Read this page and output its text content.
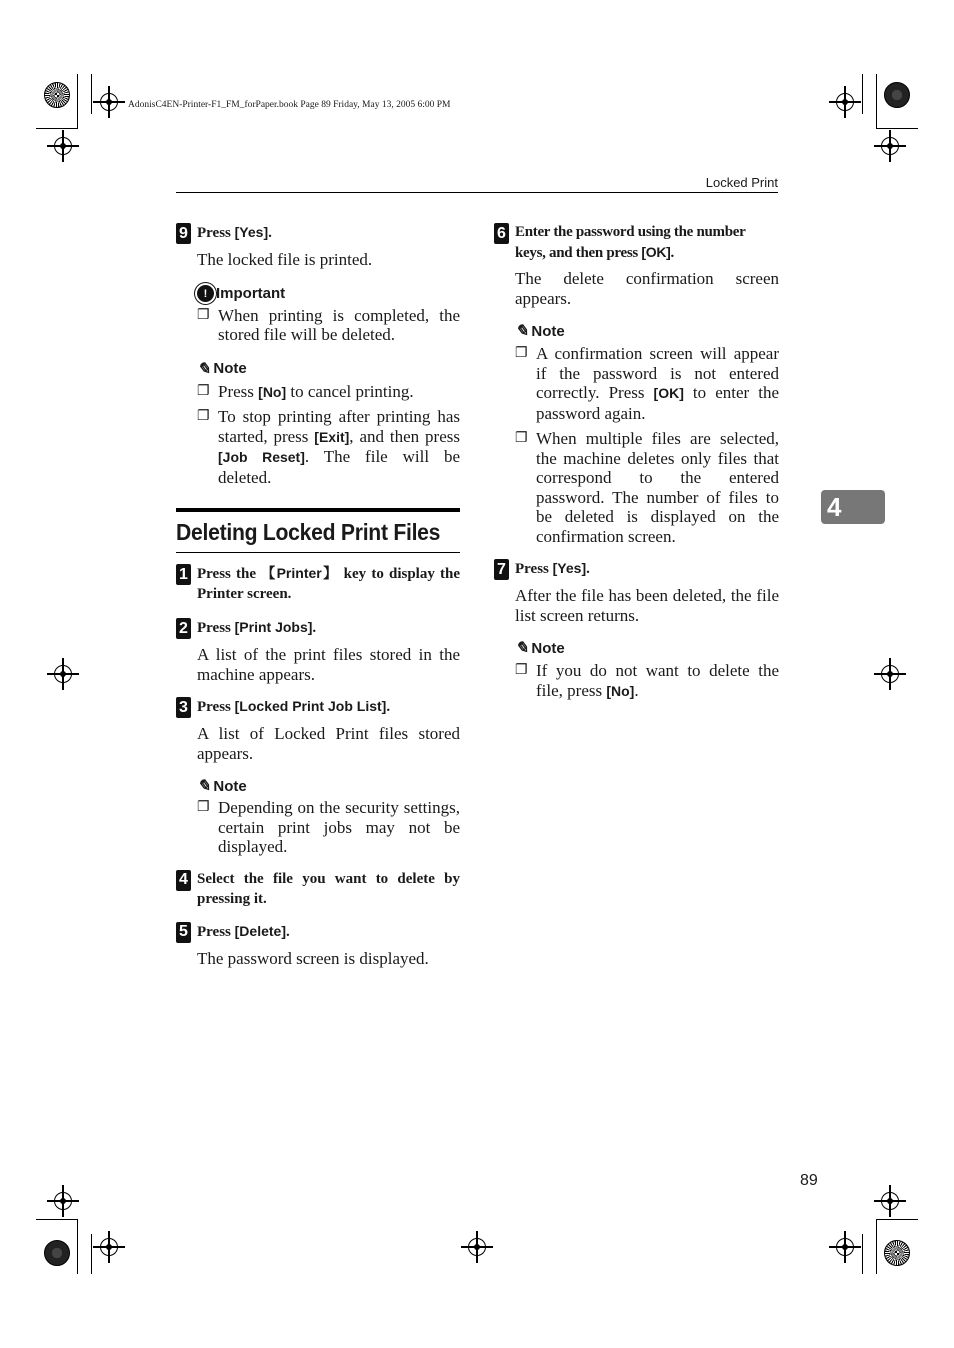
AdonisC4EN-Printer-F1_FM_forPaper.book Page 89 Friday, May 13, 2005 6:00 PM
Locked Print
9 Press [Yes].
The locked file is printed.
! Important
❐ When printing is completed, the stored file will be deleted.
✎ Note
❐ Press [No] to cancel printing.
❐ To stop printing after printing has started, press [Exit], and then press [Job Reset]. The file will be deleted.
Deleting Locked Print Files
1 Press the 【Printer】 key to display the Printer screen.
2 Press [Print Jobs].
A list of the print files stored in the machine appears.
3 Press [Locked Print Job List].
A list of Locked Print files stored appears.
✎ Note
❐ Depending on the security settings, certain print jobs may not be displayed.
4 Select the file you want to delete by pressing it.
5 Press [Delete].
The password screen is displayed.
6 Enter the password using the number keys, and then press [OK].
The delete confirmation screen appears.
✎ Note
❐ A confirmation screen will appear if the password is not entered correctly. Press [OK] to enter the password again.
❐ When multiple files are selected, the machine deletes only files that correspond to the entered password. The number of files to be deleted is displayed on the confirmation screen.
7 Press [Yes].
After the file has been deleted, the file list screen returns.
✎ Note
❐ If you do not want to delete the file, press [No].
4
89
